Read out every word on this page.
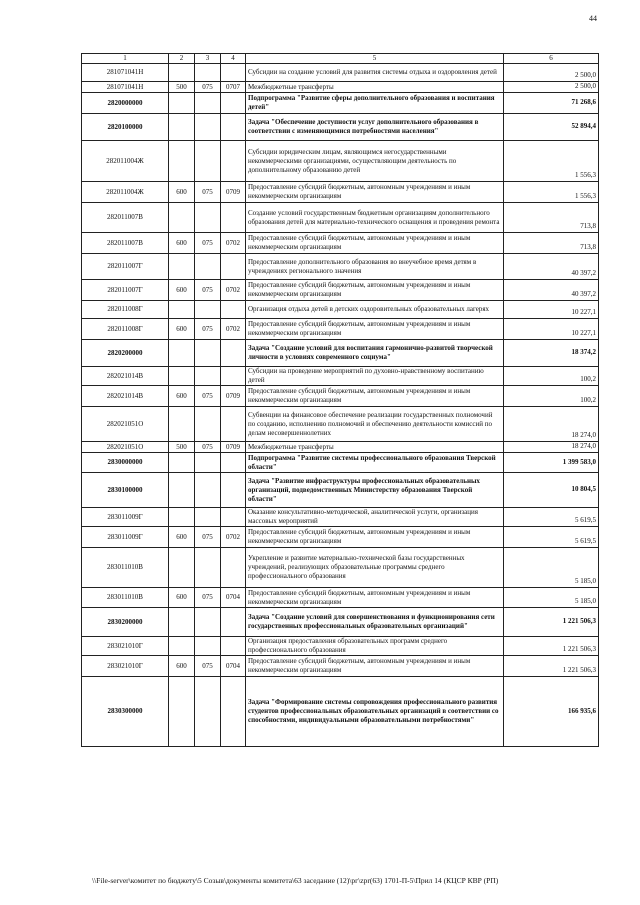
44
1	2	3	4	5	6
281071041Н				Субсидии на создание условий для развития системы отдыха и оздоровления детей	2 500,0
281071041Н	500	075	0707	Межбюджетные трансферты	2 500,0
2820000000				Подпрограмма "Развитие сферы дополнительного образования и воспитания детей"	71 268,6
2820100000				Задача "Обеспечение доступности услуг дополнительного образования в соответствии с изменяющимися потребностями населения"	52 894,4
282011004Ж				Субсидии юридическим лицам, являющимся негосударственными некоммерческими организациями, осуществляющим деятельность по дополнительному образованию детей	1 556,3
282011004Ж	600	075	0709	Предоставление субсидий бюджетным, автономным учреждениям и иным некоммерческим организациям	1 556,3
282011007В				Создание условий государственным бюджетным организациям дополнительного образования детей для материально-технического оснащения и проведения ремонта	713,8
282011007В	600	075	0702	Предоставление субсидий бюджетным, автономным учреждениям и иным некоммерческим организациям	713,8
282011007Г				Предоставление дополнительного образования во внеучебное время детям в учреждениях регионального значения	40 397,2
282011007Г	600	075	0702	Предоставление субсидий бюджетным, автономным учреждениям и иным некоммерческим организациям	40 397,2
282011008Г				Организация отдыха детей в детских оздоровительных образовательных лагерях	10 227,1
282011008Г	600	075	0702	Предоставление субсидий бюджетным, автономным учреждениям и иным некоммерческим организациям	10 227,1
2820200000				Задача "Создание условий для воспитания гармонично-развитой творческой личности в условиях современного социума"	18 374,2
282021014В				Субсидии на проведение мероприятий по духовно-нравственному воспитанию детей	100,2
282021014В	600	075	0709	Предоставление субсидий бюджетным, автономным учреждениям и иным некоммерческим организациям	100,2
282021051О				Субвенции на финансовое обеспечение реализации государственных полномочий по созданию, исполнению полномочий и обеспечению деятельности комиссий по делам несовершеннолетних	18 274,0
282021051О	500	075	0709	Межбюджетные трансферты	18 274,0
2830000000				Подпрограмма "Развитие системы профессионального образования Тверской области"	1 399 583,0
2830100000				Задача "Развитие инфраструктуры профессиональных образовательных организаций, подведомственных Министерству образования Тверской области"	10 804,5
283011009Г				Оказание консультативно-методической, аналитической услуги, организация массовых мероприятий	5 619,5
283011009Г	600	075	0702	Предоставление субсидий бюджетным, автономным учреждениям и иным некоммерческим организациям	5 619,5
283011010В				Укрепление и развитие материально-технической базы государственных учреждений, реализующих образовательные программы среднего профессионального образования	5 185,0
283011010В	600	075	0704	Предоставление субсидий бюджетным, автономным учреждениям и иным некоммерческим организациям	5 185,0
2830200000				Задача "Создание условий для совершенствования и функционирования сети государственных профессиональных образовательных организаций"	1 221 506,3
283021010Г				Организация предоставления образовательных программ среднего профессионального образования	1 221 506,3
283021010Г	600	075	0704	Предоставление субсидий бюджетным, автономным учреждениям и иным некоммерческим организациям	1 221 506,3
2830300000				Задача "Формирование системы сопровождения профессионального развития студентов профессиональных образовательных организаций в соответствии со способностями, индивидуальными образовательными потребностями"	166 935,6
\\File-server\комитет по бюджету\5 Созыв\документы комитета\63 заседание (12)\рг\zpr(63) 1701-П-5\Прил 14 (КЦСР КВР (РП)
